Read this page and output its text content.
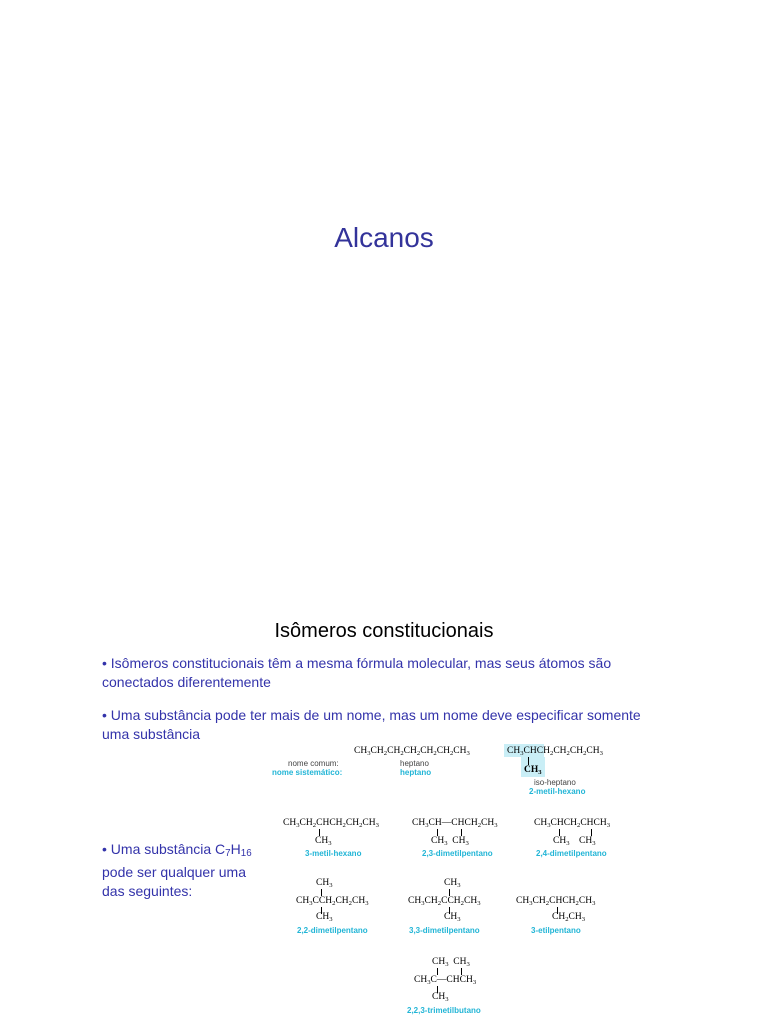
Alcanos
Isômeros constitucionais
• Isômeros constitucionais têm a mesma fórmula molecular, mas seus átomos são conectados diferentemente
• Uma substância pode ter mais de um nome, mas um nome deve especificar somente uma substância
• Uma substância $C_7H_{16}$ pode ser qualquer uma das seguintes:
nome comum:
nome sistemático:
$CH_3CH_2CH_2CH_2CH_2CH_2CH_3$
heptano
heptano
$CH_3CHCH_2CH_2CH_2CH_3$
$CH_3$
iso-heptano
2-metil-hexano
$CH_3CH_2CHCH_2CH_2CH_3$
$CH_3$
3-metil-hexano
$CH_3CH—CHCH_2CH_3$
$CH_3$ $CH_3$
2,3-dimetilpentano
$CH_3CHCH_2CHCH_3$
$CH_3$ $CH_3$
2,4-dimetilpentano
$CH_3$
$CH_3CCH_2CH_2CH_3$
$CH_3$
2,2-dimetilpentano
$CH_3$
$CH_3CH_2CCH_2CH_3$
$CH_3$
3,3-dimetilpentano
$CH_3CH_2CHCH_2CH_3$
$CH_2CH_3$
3-etilpentano
$CH_3$ $CH_3$
$CH_3C—CHCH_3$
$CH_3$
2,2,3-trimetilbutano
